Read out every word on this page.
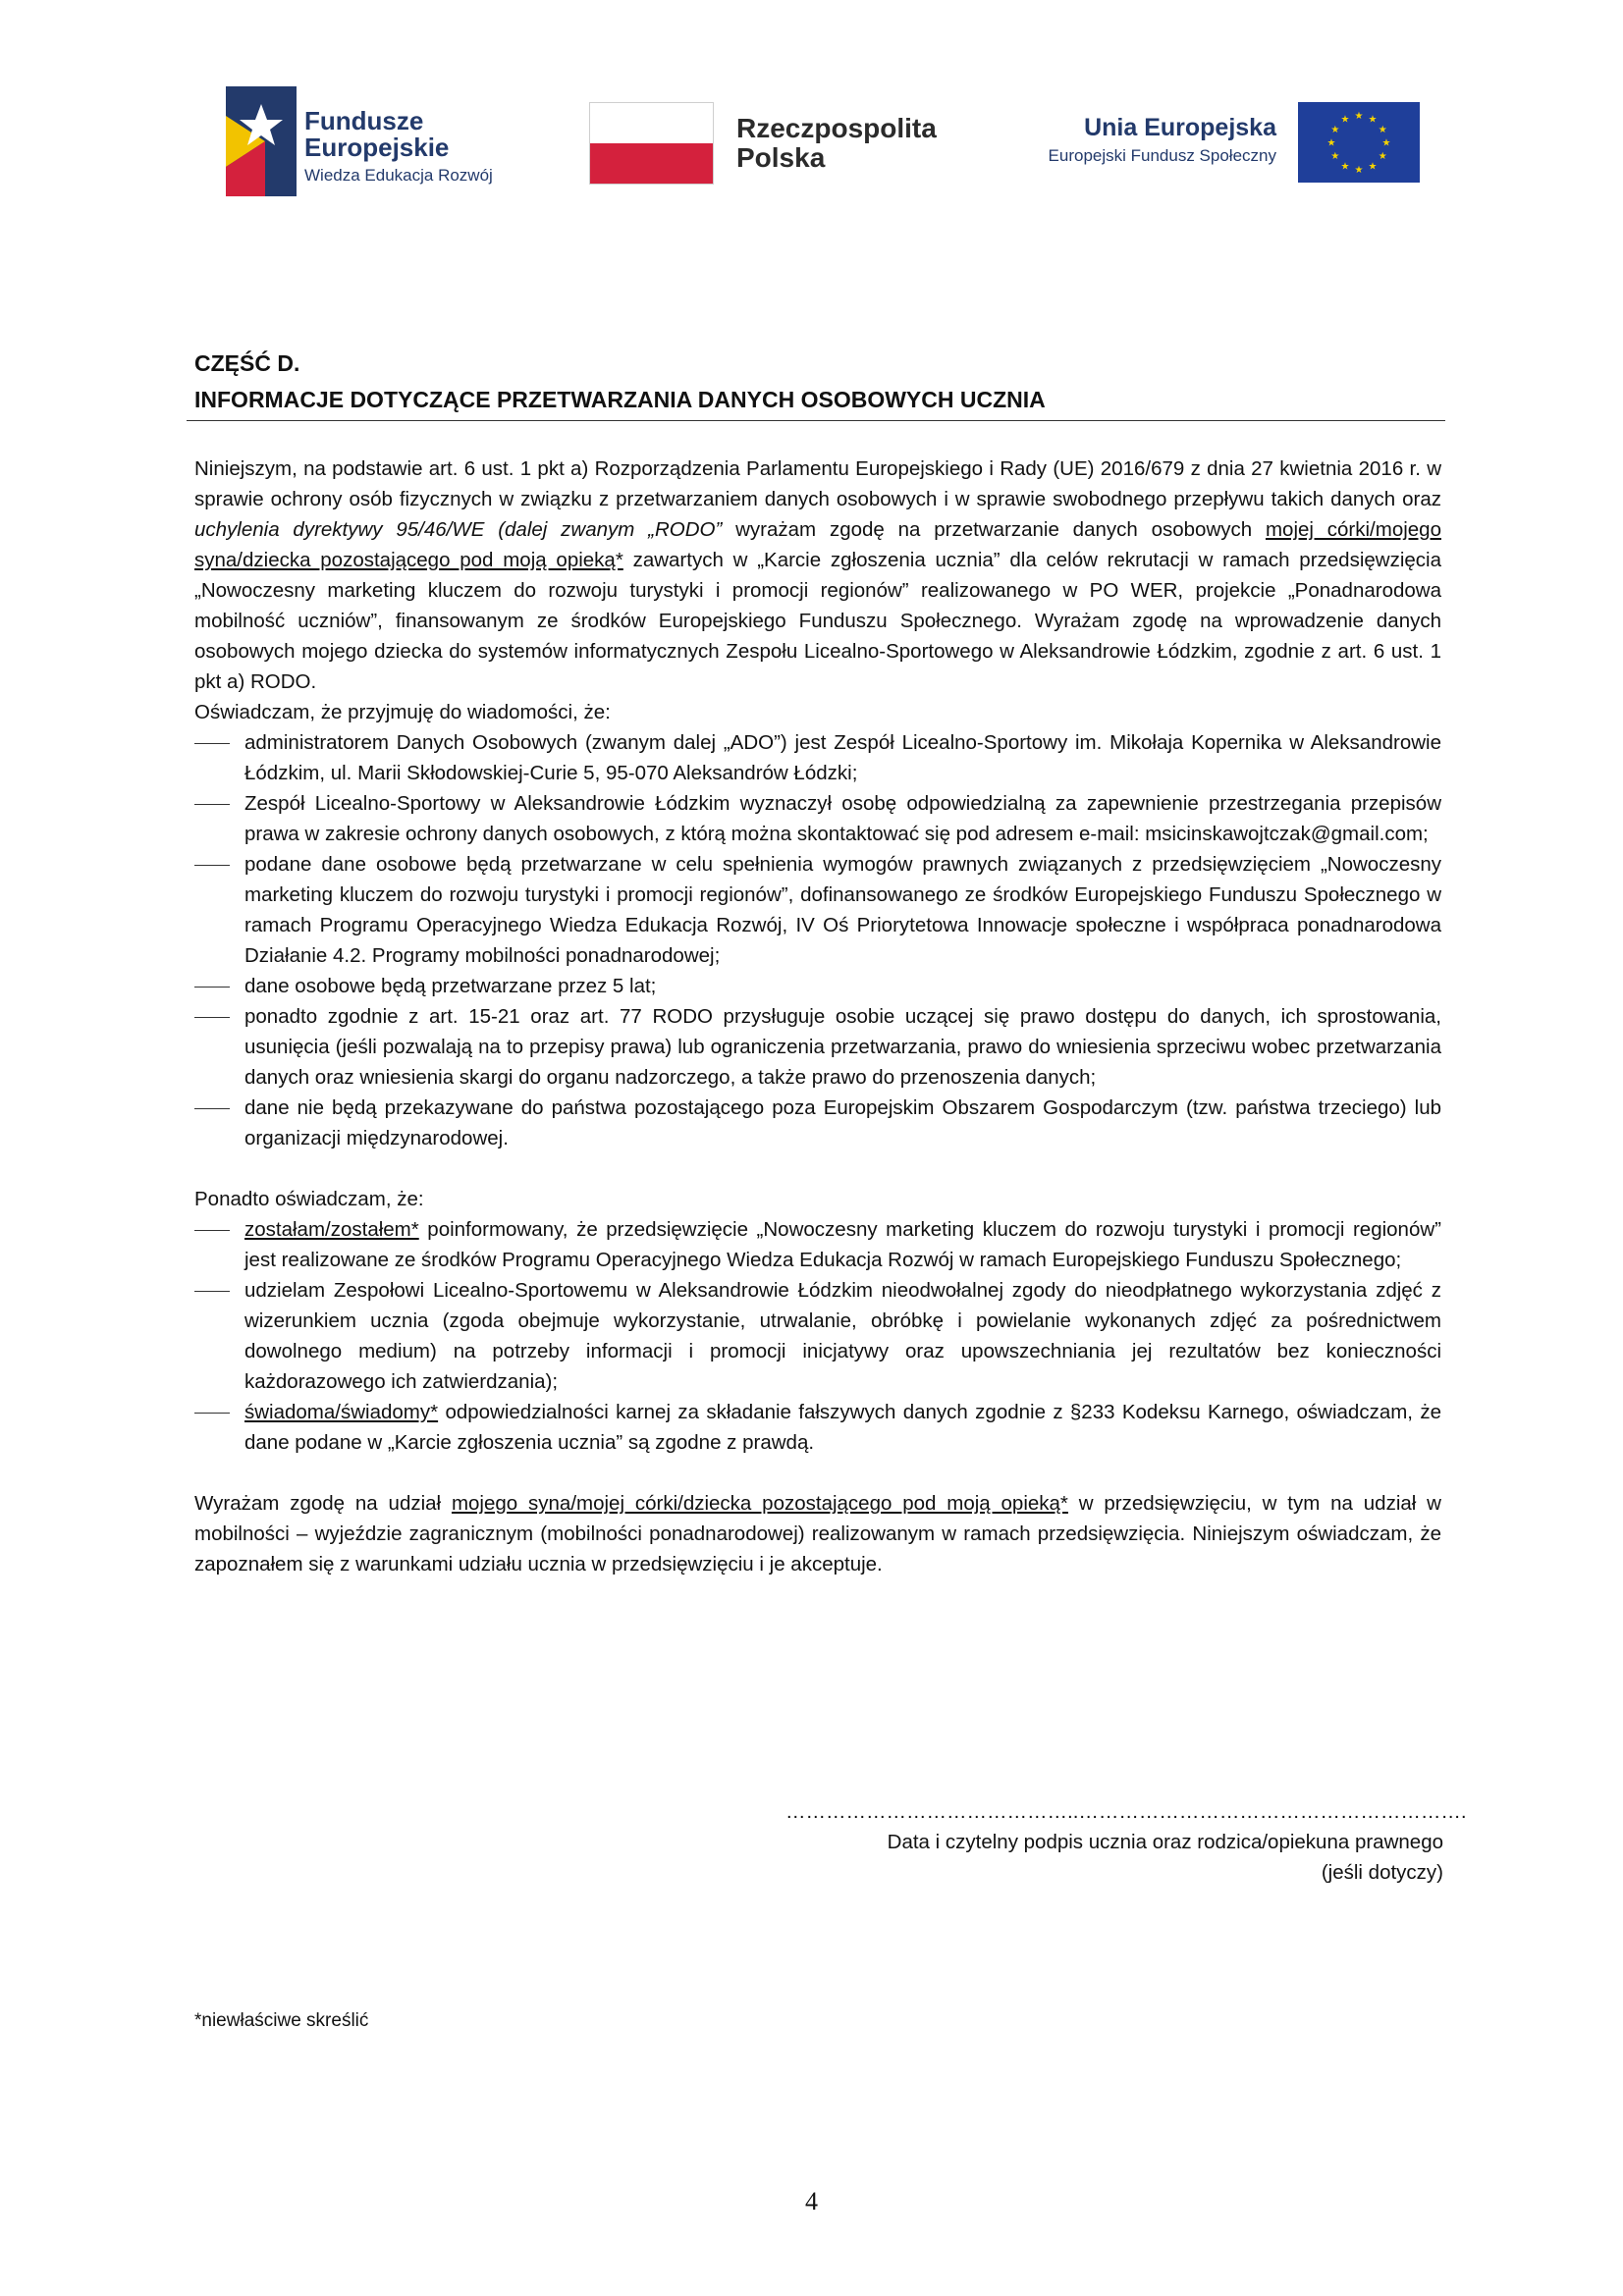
Fundusze
Europejskie
Wiedza Edukacja Rozwój
Rzeczpospolita
Polska
Unia Europejska
Europejski Fundusz Społeczny
★ ★
★
★
★
★
★
★
★
★
★
★
CZĘŚĆ D.
INFORMACJE DOTYCZĄCE PRZETWARZANIA DANYCH OSOBOWYCH UCZNIA

Niniejszym, na podstawie art. 6 ust. 1 pkt a) Rozporządzenia Parlamentu Europejskiego i Rady (UE) 2016/679 z dnia 27 kwietnia 2016 r. w sprawie ochrony osób fizycznych w związku z przetwarzaniem danych osobowych i w sprawie swobodnego przepływu takich danych oraz uchylenia dyrektywy 95/46/WE (dalej zwanym „RODO” wyrażam zgodę na przetwarzanie danych osobowych mojej córki/mojego syna/dziecka pozostającego pod moją opieką* zawartych w „Karcie zgłoszenia ucznia” dla celów rekrutacji w ramach przedsięwzięcia „Nowoczesny marketing kluczem do rozwoju turystyki i promocji regionów” realizowanego w PO WER, projekcie „Ponadnarodowa mobilność uczniów”, finansowanym ze środków Europejskiego Funduszu Społecznego. Wyrażam zgodę na wprowadzenie danych osobowych mojego dziecka do systemów informatycznych Zespołu Licealno-Sportowego w Aleksandrowie Łódzkim, zgodnie z art. 6 ust. 1 pkt a) RODO.

Oświadczam, że przyjmuję do wiadomości, że:

administratorem Danych Osobowych (zwanym dalej „ADO”) jest Zespół Licealno-Sportowy im. Mikołaja Kopernika w Aleksandrowie Łódzkim, ul. Marii Skłodowskiej-Curie 5, 95-070 Aleksandrów Łódzki;
Zespół Licealno-Sportowy w Aleksandrowie Łódzkim wyznaczył osobę odpowiedzialną za zapewnienie przestrzegania przepisów prawa w zakresie ochrony danych osobowych, z którą można skontaktować się pod adresem e-mail: msicinskawojtczak@gmail.com;
podane dane osobowe będą przetwarzane w celu spełnienia wymogów prawnych związanych z przedsięwzięciem „Nowoczesny marketing kluczem do rozwoju turystyki i promocji regionów”, dofinansowanego ze środków Europejskiego Funduszu Społecznego w ramach Programu Operacyjnego Wiedza Edukacja Rozwój, IV Oś Priorytetowa Innowacje społeczne i współpraca ponadnarodowa Działanie 4.2. Programy mobilności ponadnarodowej;
dane osobowe będą przetwarzane przez 5 lat;
ponadto zgodnie z art. 15-21 oraz art. 77 RODO przysługuje osobie uczącej się prawo dostępu do danych, ich sprostowania, usunięcia (jeśli pozwalają na to przepisy prawa) lub ograniczenia przetwarzania, prawo do wniesienia sprzeciwu wobec przetwarzania danych oraz wniesienia skargi do organu nadzorczego, a także prawo do przenoszenia danych;
dane nie będą przekazywane do państwa pozostającego poza Europejskim Obszarem Gospodarczym (tzw. państwa trzeciego) lub organizacji międzynarodowej.

Ponadto oświadczam, że:

zostałam/zostałem* poinformowany, że przedsięwzięcie „Nowoczesny marketing kluczem do rozwoju turystyki i promocji regionów” jest realizowane ze środków Programu Operacyjnego Wiedza Edukacja Rozwój w ramach Europejskiego Funduszu Społecznego;
udzielam Zespołowi Licealno-Sportowemu w Aleksandrowie Łódzkim nieodwołalnej zgody do nieodpłatnego wykorzystania zdjęć z wizerunkiem ucznia (zgoda obejmuje wykorzystanie, utrwalanie, obróbkę i powielanie wykonanych zdjęć za pośrednictwem dowolnego medium) na potrzeby informacji i promocji inicjatywy oraz upowszechniania jej rezultatów bez konieczności każdorazowego ich zatwierdzania);
świadoma/świadomy* odpowiedzialności karnej za składanie fałszywych danych zgodnie z §233 Kodeksu Karnego, oświadczam, że dane podane w „Karcie zgłoszenia ucznia” są zgodne z prawdą.

Wyrażam zgodę na udział mojego syna/mojej córki/dziecka pozostającego pod moją opieką* w przedsięwzięciu, w tym na udział w mobilności – wyjeździe zagranicznym (mobilności ponadnarodowej) realizowanym w ramach przedsięwzięcia. Niniejszym oświadczam, że zapoznałem się z warunkami udziału ucznia w przedsięwzięciu i je akceptuje.

……………………………………..………………………………………………….
Data i czytelny podpis ucznia oraz rodzica/opiekuna prawnego
(jeśli dotyczy)
*niewłaściwe skreślić
4
